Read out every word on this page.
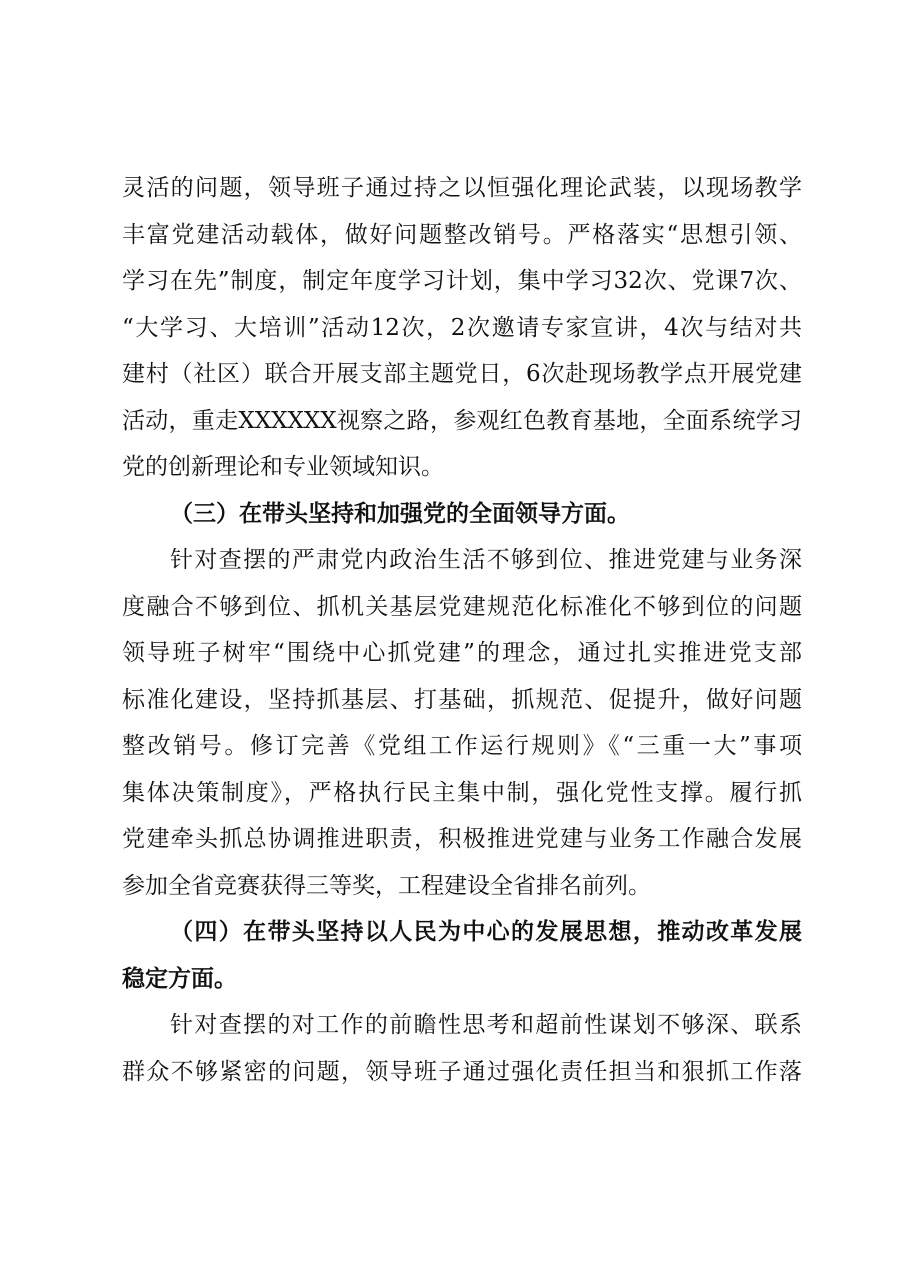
灵活的问题，领导班子通过持之以恒强化理论武装，以现场教学
丰富党建活动载体，做好问题整改销号。严格落实“思想引领、
学习在先”制度，制定年度学习计划，集中学习32次、党课7次、
“大学习、大培训”活动12次，2次邀请专家宣讲，4次与结对共
建村（社区）联合开展支部主题党日，6次赴现场教学点开展党建
活动，重走XXXXXX视察之路，参观红色教育基地，全面系统学习
党的创新理论和专业领域知识。
（三）在带头坚持和加强党的全面领导方面。
针对查摆的严肃党内政治生活不够到位、推进党建与业务深
度融合不够到位、抓机关基层党建规范化标准化不够到位的问题
领导班子树牢“围绕中心抓党建”的理念，通过扎实推进党支部
标准化建设，坚持抓基层、打基础，抓规范、促提升，做好问题
整改销号。修订完善《党组工作运行规则》《“三重一大”事项
集体决策制度》，严格执行民主集中制，强化党性支撑。履行抓
党建牵头抓总协调推进职责，积极推进党建与业务工作融合发展
参加全省竞赛获得三等奖，工程建设全省排名前列。
（四）在带头坚持以人民为中心的发展思想，推动改革发展
稳定方面。
针对查摆的对工作的前瞻性思考和超前性谋划不够深、联系
群众不够紧密的问题，领导班子通过强化责任担当和狠抓工作落
